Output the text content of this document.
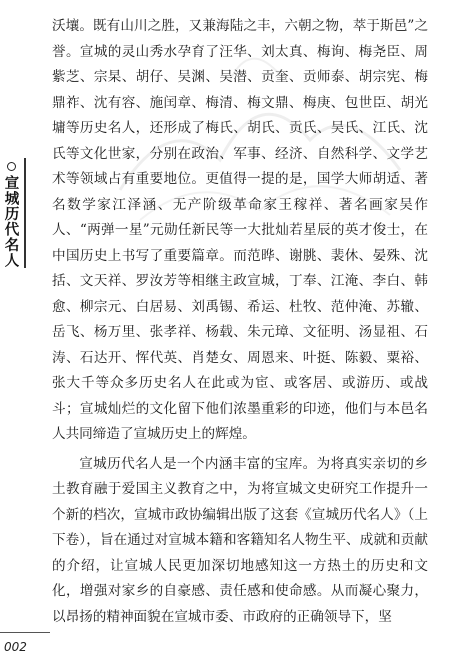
宣城历代名人

沃壤。既有山川之胜，又兼海陆之丰，六朝之物，萃于斯邑”之誉。宣城的灵山秀水孕育了汪华、刘太真、梅询、梅尧臣、周紫芝、宗杲、胡仔、吴渊、吴潜、贡奎、贡师泰、胡宗宪、梅鼎祚、沈有容、施闰章、梅清、梅文鼎、梅庚、包世臣、胡光墉等历史名人，还形成了梅氏、胡氏、贡氏、吴氏、江氏、沈氏等文化世家，分别在政治、军事、经济、自然科学、文学艺术等领域占有重要地位。更值得一提的是，国学大师胡适、著名数学家江泽涵、无产阶级革命家王稼祥、著名画家吴作人、“两弹一星”元勋任新民等一大批灿若星辰的英才俊士，在中国历史上书写了重要篇章。而范晔、谢朓、裴休、晏殊、沈括、文天祥、罗汝芳等相继主政宣城，丁奉、江淹、李白、韩愈、柳宗元、白居易、刘禹锡、希运、杜牧、范仲淹、苏辙、岳飞、杨万里、张孝祥、杨载、朱元璋、文征明、汤显祖、石涛、石达开、恽代英、肖楚女、周恩来、叶挺、陈毅、粟裕、张大千等众多历史名人在此或为宦、或客居、或游历、或战斗；宣城灿烂的文化留下他们浓墨重彩的印迹，他们与本邑名人共同缔造了宣城历史上的辉煌。

宣城历代名人是一个内涵丰富的宝库。为将真实亲切的乡土教育融于爱国主义教育之中，为将宣城文史研究工作提升一个新的档次，宣城市政协编辑出版了这套《宣城历代名人》（上下卷），旨在通过对宣城本籍和客籍知名人物生平、成就和贡献的介绍，让宣城人民更加深切地感知这一方热土的历史和文化，增强对家乡的自豪感、责任感和使命感。从而凝心聚力，以昂扬的精神面貌在宣城市委、市政府的正确领导下，坚

002
